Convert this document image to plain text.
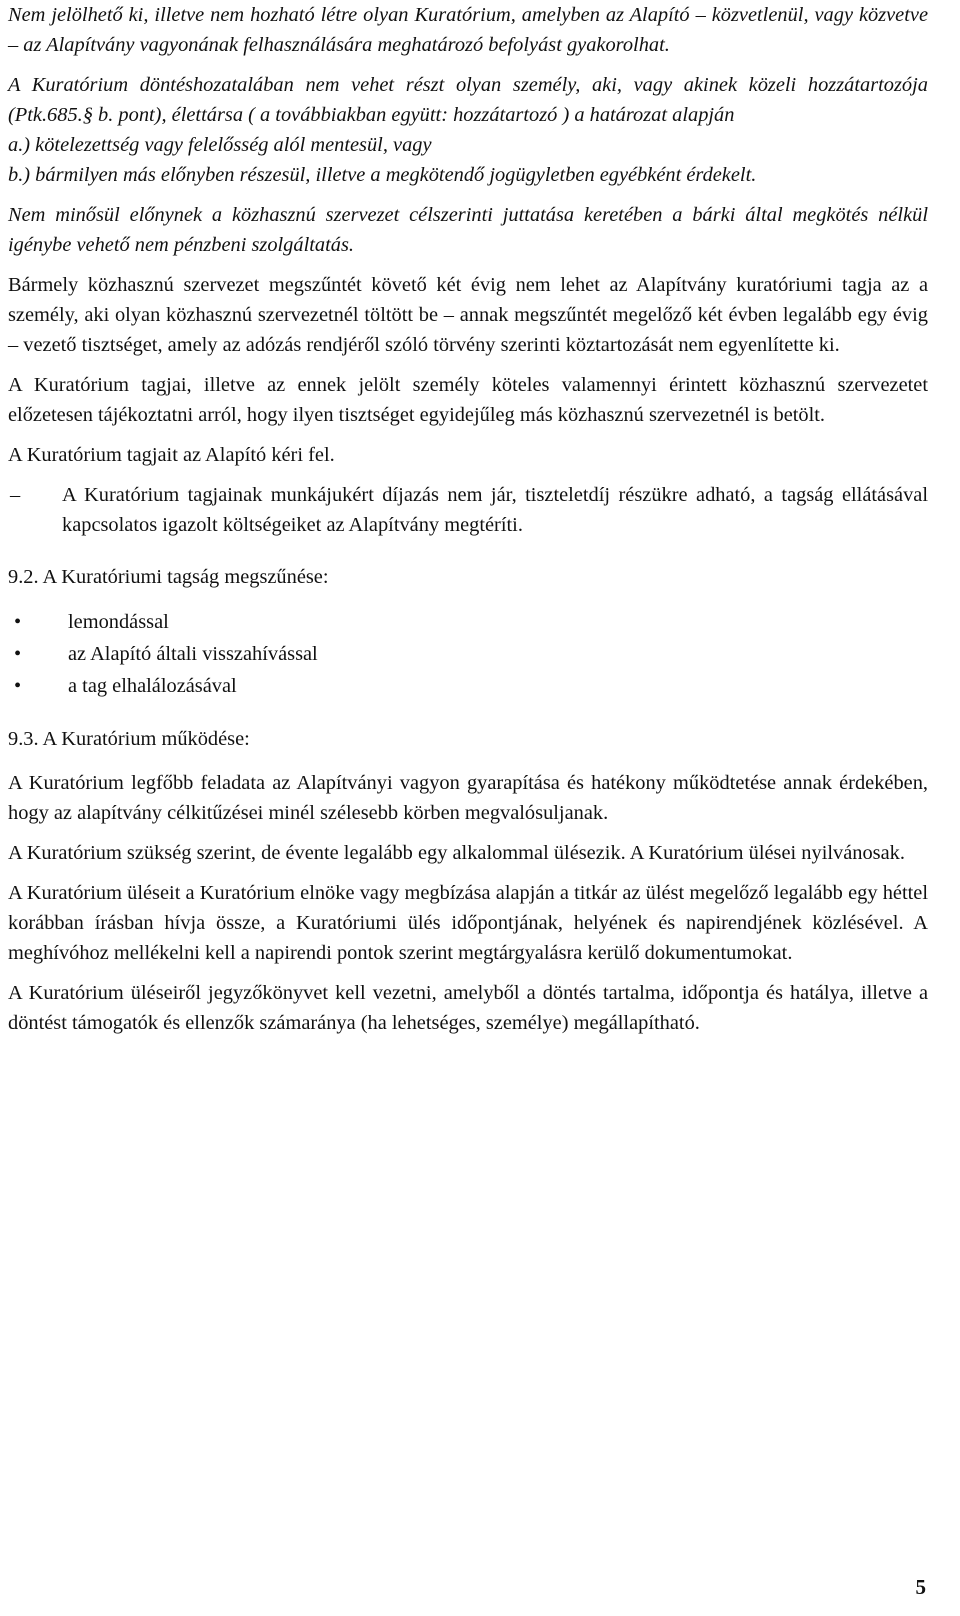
Nem jelölhető ki, illetve nem hozható létre olyan Kuratórium, amelyben az Alapító – közvetlenül, vagy közvetve – az Alapítvány vagyonának felhasználására meghatározó befolyást gyakorolhat.

A Kuratórium döntéshozatalában nem vehet részt olyan személy, aki, vagy akinek közeli hozzátartozója (Ptk.685.§ b. pont), élettársa ( a továbbiakban együtt: hozzátartozó ) a határozat alapján

a.) kötelezettség vagy felelősség alól mentesül, vagy

b.) bármilyen más előnyben részesül, illetve a megkötendő jogügyletben egyébként érdekelt.

Nem minősül előnynek a közhasznú szervezet célszerinti juttatása keretében a bárki által megkötés nélkül igénybe vehető nem pénzbeni szolgáltatás.

Bármely közhasznú szervezet megszűntét követő két évig nem lehet az Alapítvány kuratóriumi tagja az a személy, aki olyan közhasznú szervezetnél töltött be – annak megszűntét megelőző két évben legalább egy évig – vezető tisztséget, amely az adózás rendjéről szóló törvény szerinti köztartozását nem egyenlítette ki.

A Kuratórium tagjai, illetve az ennek jelölt személy köteles valamennyi érintett közhasznú szervezetet előzetesen tájékoztatni arról, hogy ilyen tisztséget egyidejűleg más közhasznú szervezetnél is betölt.

A Kuratórium tagjait az Alapító kéri fel.

–	A Kuratórium tagjainak munkájukért díjazás nem jár, tiszteletdíj részükre adható, a tagság ellátásával kapcsolatos igazolt költségeiket az Alapítvány megtéríti.

9.2. A Kuratóriumi tagság megszűnése:

•	lemondással
•	az Alapító általi visszahívással
•	a tag elhalálozásával

9.3. A Kuratórium működése:

A Kuratórium legfőbb feladata az Alapítványi vagyon gyarapítása és hatékony működtetése annak érdekében, hogy az alapítvány célkitűzései minél szélesebb körben megvalósuljanak.

A Kuratórium szükség szerint, de évente legalább egy alkalommal ülésezik. A Kuratórium ülései nyilvánosak.

A Kuratórium üléseit a Kuratórium elnöke vagy megbízása alapján a titkár az ülést megelőző legalább egy héttel korábban írásban hívja össze, a Kuratóriumi ülés időpontjának, helyének és napirendjének közlésével. A meghívóhoz mellékelni kell a napirendi pontok szerint megtárgyalásra kerülő dokumentumokat.

A Kuratórium üléseiről jegyzőkönyvet kell vezetni, amelyből a döntés tartalma, időpontja és hatálya, illetve a döntést támogatók és ellenzők számaránya (ha lehetséges, személye) megállapítható.

5
